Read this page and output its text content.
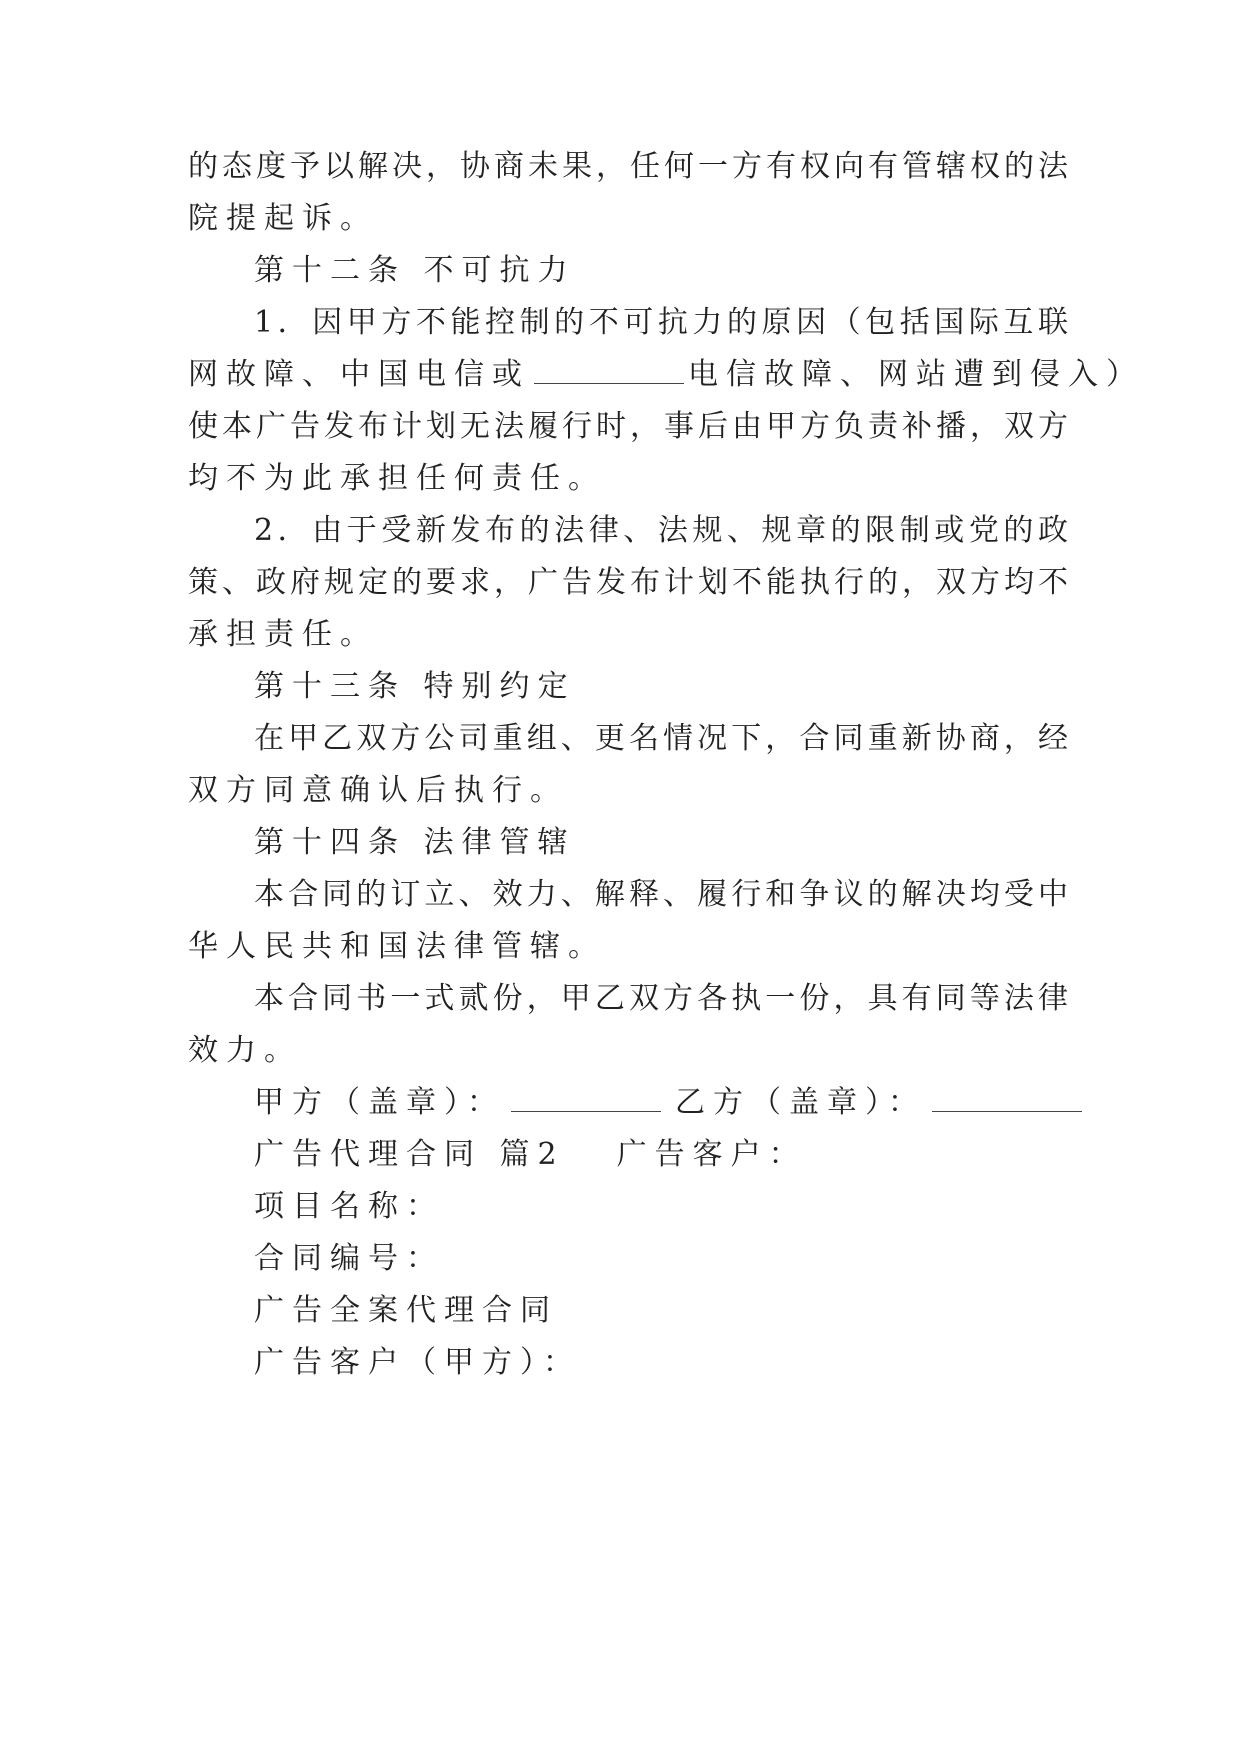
的态度予以解决，协商未果，任何一方有权向有管辖权的法
院提起诉。
第十二条 不可抗力
1．因甲方不能控制的不可抗力的原因（包括国际互联
网故障、中国电信或	电信故障、网站遭到侵入）
使本广告发布计划无法履行时，事后由甲方负责补播，双方
均不为此承担任何责任。
2．由于受新发布的法律、法规、规章的限制或党的政
策、政府规定的要求，广告发布计划不能执行的，双方均不
承担责任。
第十三条 特别约定
在甲乙双方公司重组、更名情况下，合同重新协商，经
双方同意确认后执行。
第十四条 法律管辖
本合同的订立、效力、解释、履行和争议的解决均受中
华人民共和国法律管辖。
本合同书一式贰份，甲乙双方各执一份，具有同等法律
效力。
甲方（盖章）：	乙方（盖章）：
广告代理合同 篇2 广告客户：
项目名称：
合同编号：
广告全案代理合同
广告客户（甲方）：
